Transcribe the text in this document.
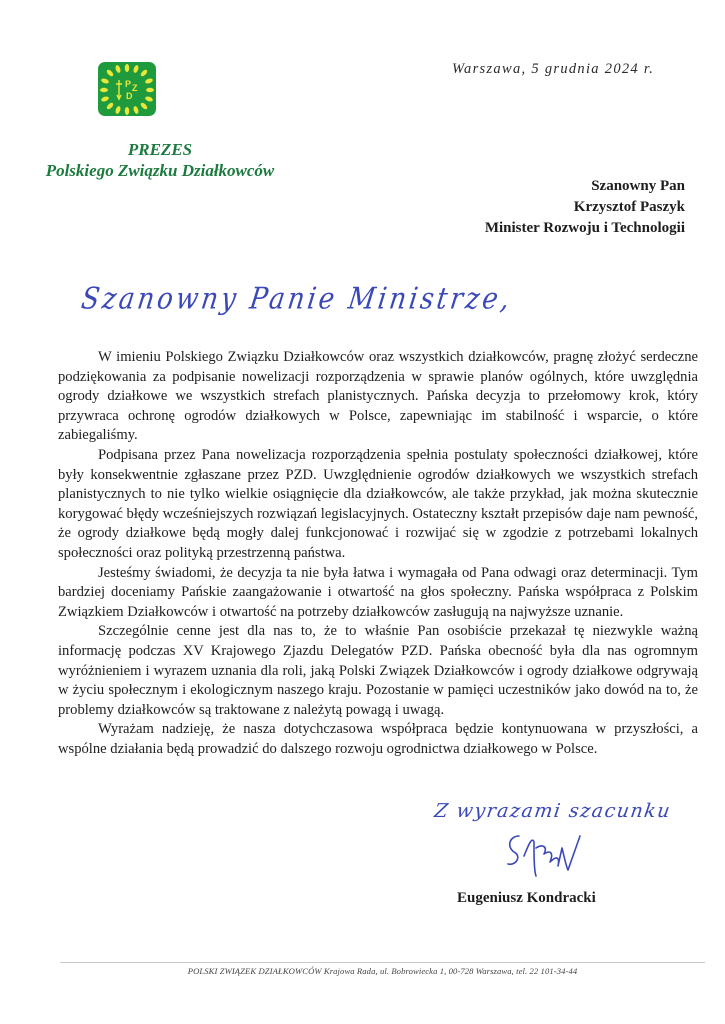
P Z
D
PREZES
Polskiego Związku Działkowców
Warszawa, 5 grudnia 2024 r.
Szanowny Pan
Krzysztof Paszyk
Minister Rozwoju i Technologii
Szanowny Panie Ministrze,

W imieniu Polskiego Związku Działkowców oraz wszystkich działkowców, pragnę złożyć serdeczne podziękowania za podpisanie nowelizacji rozporządzenia w sprawie planów ogólnych, które uwzględnia ogrody działkowe we wszystkich strefach planistycznych. Pańska decyzja to przełomowy krok, który przywraca ochronę ogrodów działkowych w Polsce, zapewniając im stabilność i wsparcie, o które zabiegaliśmy.

Podpisana przez Pana nowelizacja rozporządzenia spełnia postulaty społeczności działkowej, które były konsekwentnie zgłaszane przez PZD. Uwzględnienie ogrodów działkowych we wszystkich strefach planistycznych to nie tylko wielkie osiągnięcie dla działkowców, ale także przykład, jak można skutecznie korygować błędy wcześniejszych rozwiązań legislacyjnych. Ostateczny kształt przepisów daje nam pewność, że ogrody działkowe będą mogły dalej funkcjonować i rozwijać się w zgodzie z potrzebami lokalnych społeczności oraz polityką przestrzenną państwa.

Jesteśmy świadomi, że decyzja ta nie była łatwa i wymagała od Pana odwagi oraz determinacji. Tym bardziej doceniamy Pańskie zaangażowanie i otwartość na głos społeczny. Pańska współpraca z Polskim Związkiem Działkowców i otwartość na potrzeby działkowców zasługują na najwyższe uznanie.

Szczególnie cenne jest dla nas to, że to właśnie Pan osobiście przekazał tę niezwykle ważną informację podczas XV Krajowego Zjazdu Delegatów PZD. Pańska obecność była dla nas ogromnym wyróżnieniem i wyrazem uznania dla roli, jaką Polski Związek Działkowców i ogrody działkowe odgrywają w życiu społecznym i ekologicznym naszego kraju. Pozostanie w pamięci uczestników jako dowód na to, że problemy działkowców są traktowane z należytą powagą i uwagą.

Wyrażam nadzieję, że nasza dotychczasowa współpraca będzie kontynuowana w przyszłości, a wspólne działania będą prowadzić do dalszego rozwoju ogrodnictwa działkowego w Polsce.

Z wyrazami szacunku
Eugeniusz Kondracki
POLSKI ZWIĄZEK DZIAŁKOWCÓW Krajowa Rada, ul. Bobrowiecka 1, 00-728 Warszawa, tel. 22 101-34-44
